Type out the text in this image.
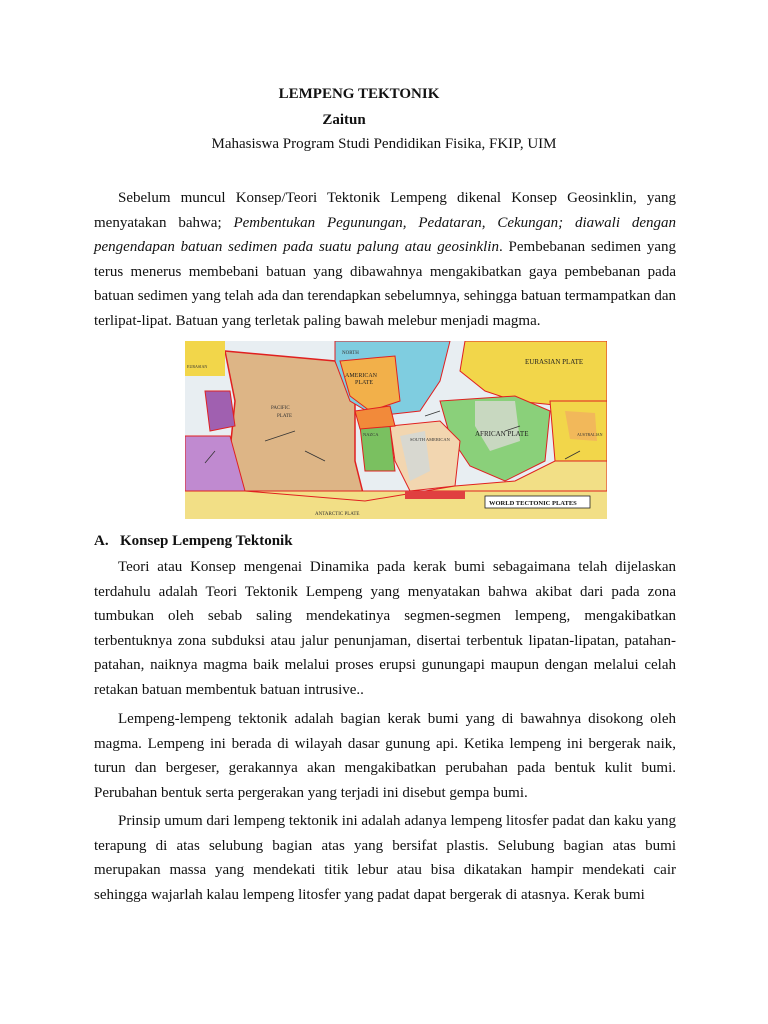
LEMPENG TEKTONIK
Zaitun
Mahasiswa Program Studi Pendidikan Fisika, FKIP, UIM

Sebelum muncul Konsep/Teori Tektonik Lempeng dikenal Konsep Geosinklin, yang menyatakan bahwa; Pembentukan Pegunungan, Pedataran, Cekungan; diawali dengan pengendapan batuan sedimen pada suatu palung atau geosinklin. Pembebanan sedimen yang terus menerus membebani batuan yang dibawahnya mengakibatkan gaya pembebanan pada batuan sedimen yang telah ada dan terendapkan sebelumnya, sehingga batuan termampatkan dan terlipat-lipat. Batuan yang terletak paling bawah melebur menjadi magma.

NORTH
AMERICAN
PLATE
EURASIAN
EURASIAN PLATE
PACIFIC
PLATE
AFRICAN PLATE
SOUTH AMERICAN
NAZCA	AUSTRALIAN
ANTARCTIC PLATE
WORLD TECTONIC PLATES
A. Konsep Lempeng Tektonik

Teori atau Konsep mengenai Dinamika pada kerak bumi sebagaimana telah dijelaskan terdahulu adalah Teori Tektonik Lempeng yang menyatakan bahwa akibat dari pada zona tumbukan oleh sebab saling mendekatinya segmen-segmen lempeng, mengakibatkan terbentuknya zona subduksi atau jalur penunjaman, disertai terbentuk lipatan-lipatan, patahan-patahan, naiknya magma baik melalui proses erupsi gunungapi maupun dengan melalui celah retakan batuan membentuk batuan intrusive..

Lempeng-lempeng tektonik adalah bagian kerak bumi yang di bawahnya disokong oleh magma. Lempeng ini berada di wilayah dasar gunung api. Ketika lempeng ini bergerak naik, turun dan bergeser, gerakannya akan mengakibatkan perubahan pada bentuk kulit bumi. Perubahan bentuk serta pergerakan yang terjadi ini disebut gempa bumi.

Prinsip umum dari lempeng tektonik ini adalah adanya lempeng litosfer padat dan kaku yang terapung di atas selubung bagian atas yang bersifat plastis. Selubung bagian atas bumi merupakan massa yang mendekati titik lebur atau bisa dikatakan hampir mendekati cair sehingga wajarlah kalau lempeng litosfer yang padat dapat bergerak di atasnya. Kerak bumi
